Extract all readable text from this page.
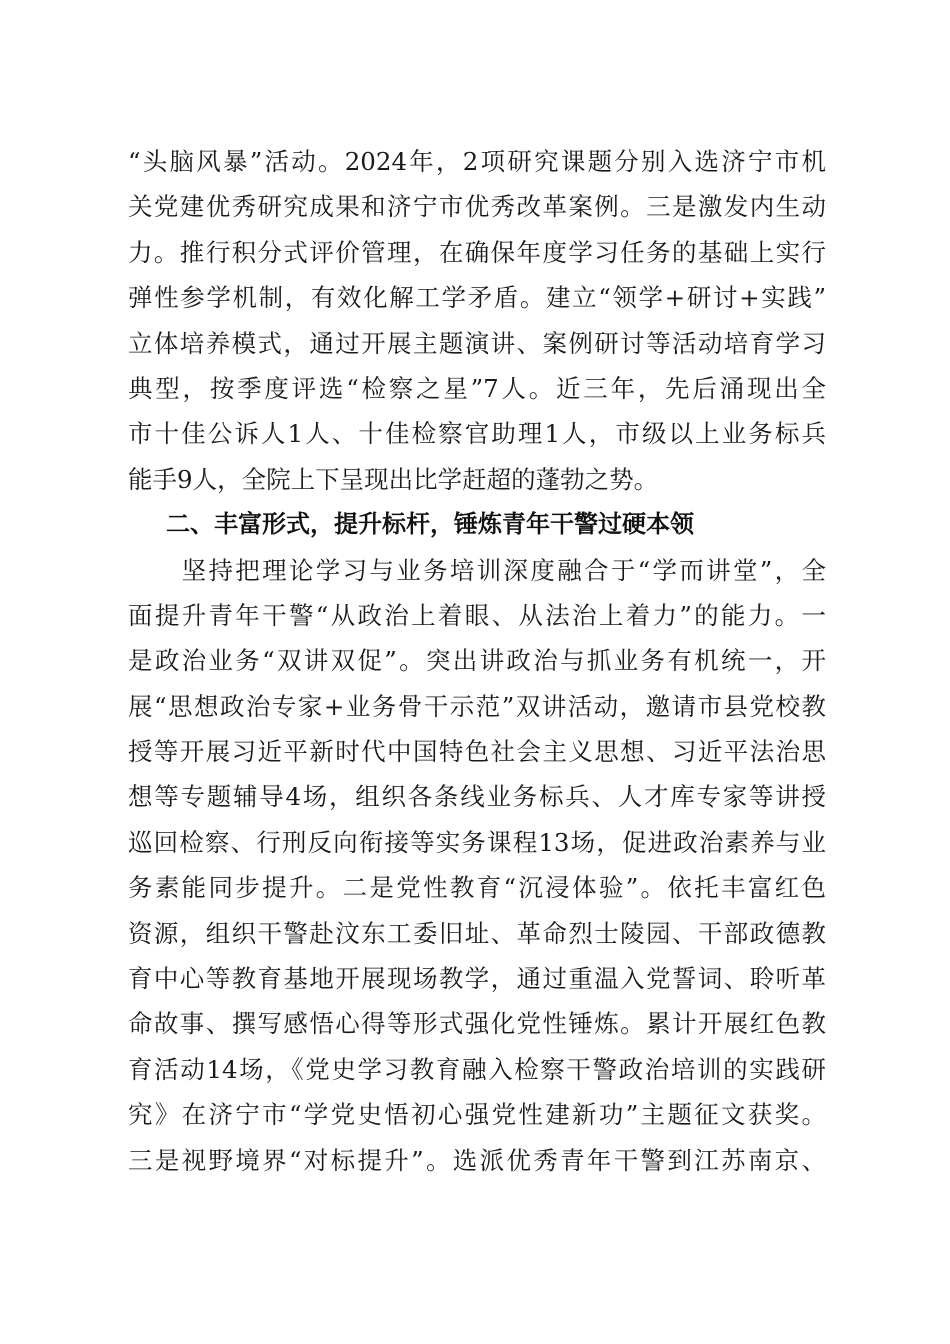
“头脑风暴”活动。2024年，2项研究课题分别入选济宁市机
关党建优秀研究成果和济宁市优秀改革案例。三是激发内生动
力。推行积分式评价管理，在确保年度学习任务的基础上实行
弹性参学机制，有效化解工学矛盾。建立“领学+研讨+实践”
立体培养模式，通过开展主题演讲、案例研讨等活动培育学习
典型，按季度评选“检察之星”7人。近三年，先后涌现出全
市十佳公诉人1人、十佳检察官助理1人，市级以上业务标兵
能手9人，全院上下呈现出比学赶超的蓬勃之势。
二、丰富形式，提升标杆，锤炼青年干警过硬本领
　　坚持把理论学习与业务培训深度融合于“学而讲堂”，全
面提升青年干警“从政治上着眼、从法治上着力”的能力。一
是政治业务“双讲双促”。突出讲政治与抓业务有机统一，开
展“思想政治专家+业务骨干示范”双讲活动，邀请市县党校教
授等开展习近平新时代中国特色社会主义思想、习近平法治思
想等专题辅导4场，组织各条线业务标兵、人才库专家等讲授
巡回检察、行刑反向衔接等实务课程13场，促进政治素养与业
务素能同步提升。二是党性教育“沉浸体验”。依托丰富红色
资源，组织干警赴汶东工委旧址、革命烈士陵园、干部政德教
育中心等教育基地开展现场教学，通过重温入党誓词、聆听革
命故事、撰写感悟心得等形式强化党性锤炼。累计开展红色教
育活动14场，《党史学习教育融入检察干警政治培训的实践研
究》在济宁市“学党史悟初心强党性建新功”主题征文获奖。
三是视野境界“对标提升”。选派优秀青年干警到江苏南京、
